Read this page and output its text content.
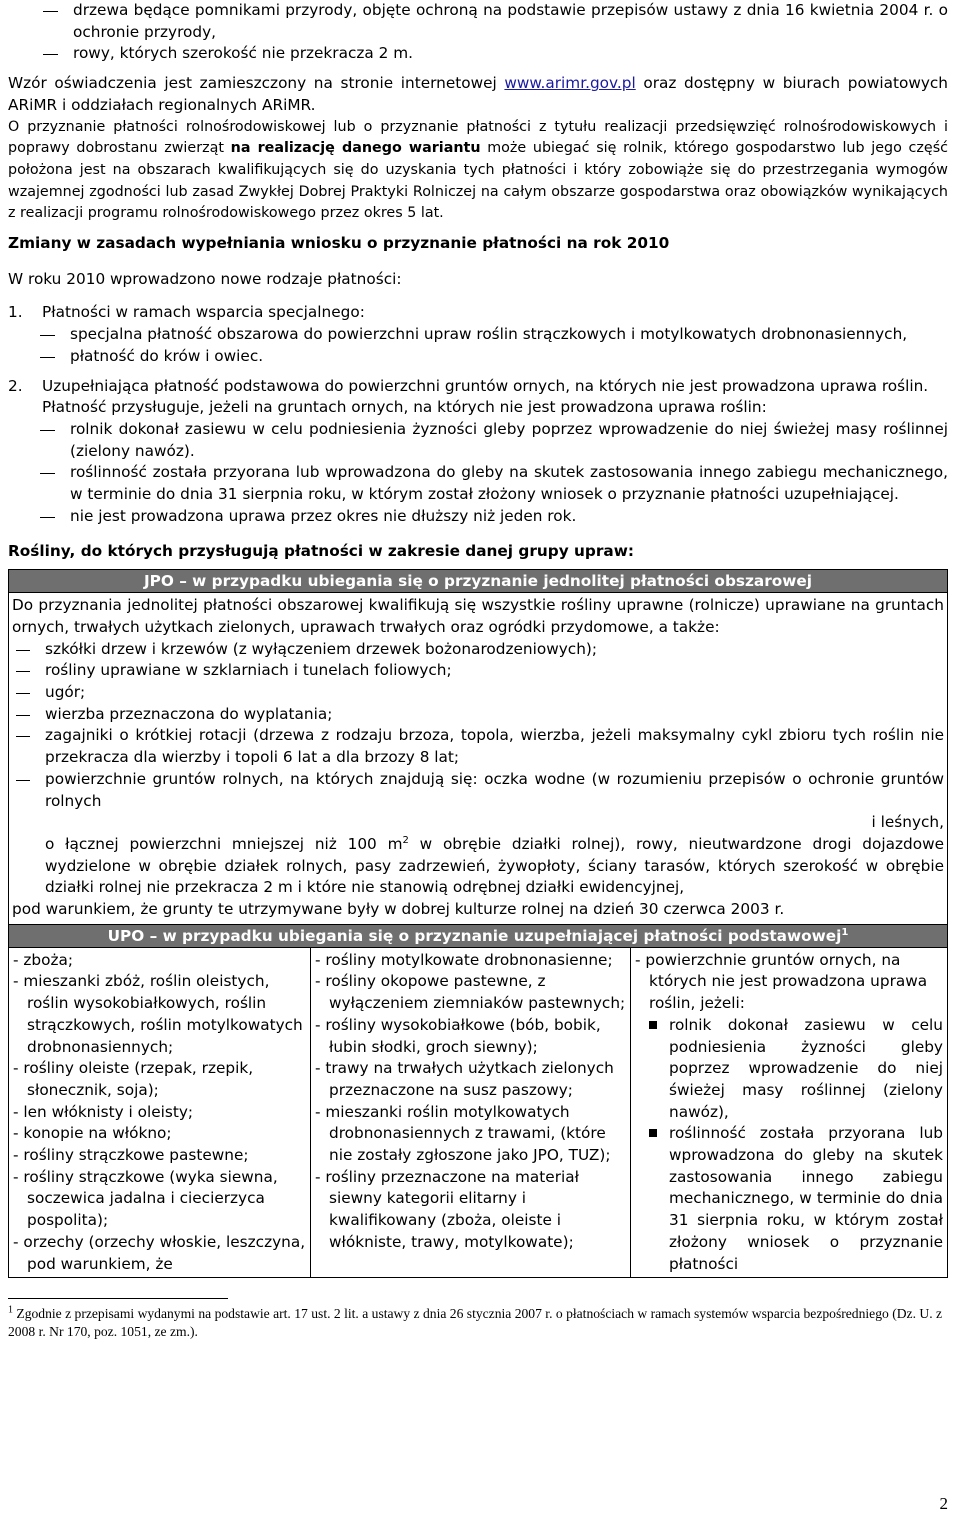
drzewa będące pomnikami przyrody, objęte ochroną na podstawie przepisów ustawy z dnia 16 kwietnia 2004 r. o ochronie przyrody,
rowy, których szerokość nie przekracza 2 m.

Wzór oświadczenia jest zamieszczony na stronie internetowej www.arimr.gov.pl oraz dostępny w biurach powiatowych ARiMR i oddziałach regionalnych ARiMR.

O przyznanie płatności rolnośrodowiskowej lub o przyznanie płatności z tytułu realizacji przedsięwzięć rolnośrodowiskowych i poprawy dobrostanu zwierząt na realizację danego wariantu może ubiegać się rolnik, którego gospodarstwo lub jego część położona jest na obszarach kwalifikujących się do uzyskania tych płatności i który zobowiąże się do przestrzegania wymogów wzajemnej zgodności lub zasad Zwykłej Dobrej Praktyki Rolniczej na całym obszarze gospodarstwa oraz obowiązków wynikających z realizacji programu rolnośrodowiskowego przez okres 5 lat.

Zmiany w zasadach wypełniania wniosku o przyznanie płatności na rok 2010

W roku 2010 wprowadzono nowe rodzaje płatności:

1. Płatności w ramach wsparcia specjalnego:
specjalna płatność obszarowa do powierzchni upraw roślin strączkowych i motylkowatych drobnonasiennych,
płatność do krów i owiec.
2. Uzupełniająca płatność podstawowa do powierzchni gruntów ornych, na których nie jest prowadzona uprawa roślin.

Płatność przysługuje, jeżeli na gruntach ornych, na których nie jest prowadzona uprawa roślin:

rolnik dokonał zasiewu w celu podniesienia żyzności gleby poprzez wprowadzenie do niej świeżej masy roślinnej (zielony nawóz).
roślinność została przyorana lub wprowadzona do gleby na skutek zastosowania innego zabiegu mechanicznego, w terminie do dnia 31 sierpnia roku, w którym został złożony wniosek o przyznanie płatności uzupełniającej.
nie jest prowadzona uprawa przez okres nie dłuższy niż jeden rok.

Rośliny, do których przysługują płatności w zakresie danej grupy upraw:

JPO – w przypadku ubiegania się o przyznanie jednolitej płatności obszarowej

Do przyznania jednolitej płatności obszarowej kwalifikują się wszystkie rośliny uprawne (rolnicze) uprawiane na gruntach ornych, trwałych użytkach zielonych, uprawach trwałych oraz ogródki przydomowe, a także:

szkółki drzew i krzewów (z wyłączeniem drzewek bożonarodzeniowych);
rośliny uprawiane w szklarniach i tunelach foliowych;
ugór;
wierzba przeznaczona do wyplatania;
zagajniki o krótkiej rotacji (drzewa z rodzaju brzoza, topola, wierzba, jeżeli maksymalny cykl zbioru tych roślin nie przekracza dla wierzby i topoli 6 lat a dla brzozy 8 lat;
powierzchnie gruntów rolnych, na których znajdują się: oczka wodne (w rozumieniu przepisów o ochronie gruntów rolnych
i leśnych,
o łącznej powierzchni mniejszej niż 100 $m^2$ w obrębie działki rolnej), rowy, nieutwardzone drogi dojazdowe wydzielone w obrębie działek rolnych, pasy zadrzewień, żywopłoty, ściany tarasów, których szerokość w obrębie działki rolnej nie przekracza 2 m i które nie stanowią odrębnej działki ewidencyjnej,

pod warunkiem, że grunty te utrzymywane były w dobrej kulturze rolnej na dzień 30 czerwca 2003 r.

UPO – w przypadku ubiegania się o przyznanie uzupełniającej płatności podstawowej$^1$

- zboża;

- mieszanki zbóż, roślin oleistych, roślin wysokobiałkowych, roślin strączkowych, roślin motylkowatych drobnonasiennych;

- rośliny oleiste (rzepak, rzepik, słonecznik, soja);

- len włóknisty i oleisty;

- konopie na włókno;

- rośliny strączkowe pastewne;

- rośliny strączkowe (wyka siewna, soczewica jadalna i ciecierzyca pospolita);

- orzechy (orzechy włoskie, leszczyna, pod warunkiem, że

- rośliny motylkowate drobnonasienne;

- rośliny okopowe pastewne, z wyłączeniem ziemniaków pastewnych;

- rośliny wysokobiałkowe (bób, bobik, łubin słodki, groch siewny);

- trawy na trwałych użytkach zielonych przeznaczone na susz paszowy;

- mieszanki roślin motylkowatych drobnonasiennych z trawami, (które nie zostały zgłoszone jako JPO, TUZ);

- rośliny przeznaczone na materiał siewny kategorii elitarny i kwalifikowany (zboża, oleiste i włókniste, trawy, motylkowate);

- powierzchnie gruntów ornych, na których nie jest prowadzona uprawa roślin, jeżeli:

rolnik dokonał zasiewu w celu podniesienia żyzności gleby poprzez wprowadzenie do niej świeżej masy roślinnej (zielony nawóz),
roślinność została przyorana lub wprowadzona do gleby na skutek zastosowania innego zabiegu mechanicznego, w terminie do dnia 31 sierpnia roku, w którym został złożony wniosek o przyznanie płatności

$^1$ Zgodnie z przepisami wydanymi na podstawie art. 17 ust. 2 lit. a ustawy z dnia 26 stycznia 2007 r. o płatnościach w ramach systemów wsparcia bezpośredniego (Dz. U. z 2008 r. Nr 170, poz. 1051, ze zm.).

2
